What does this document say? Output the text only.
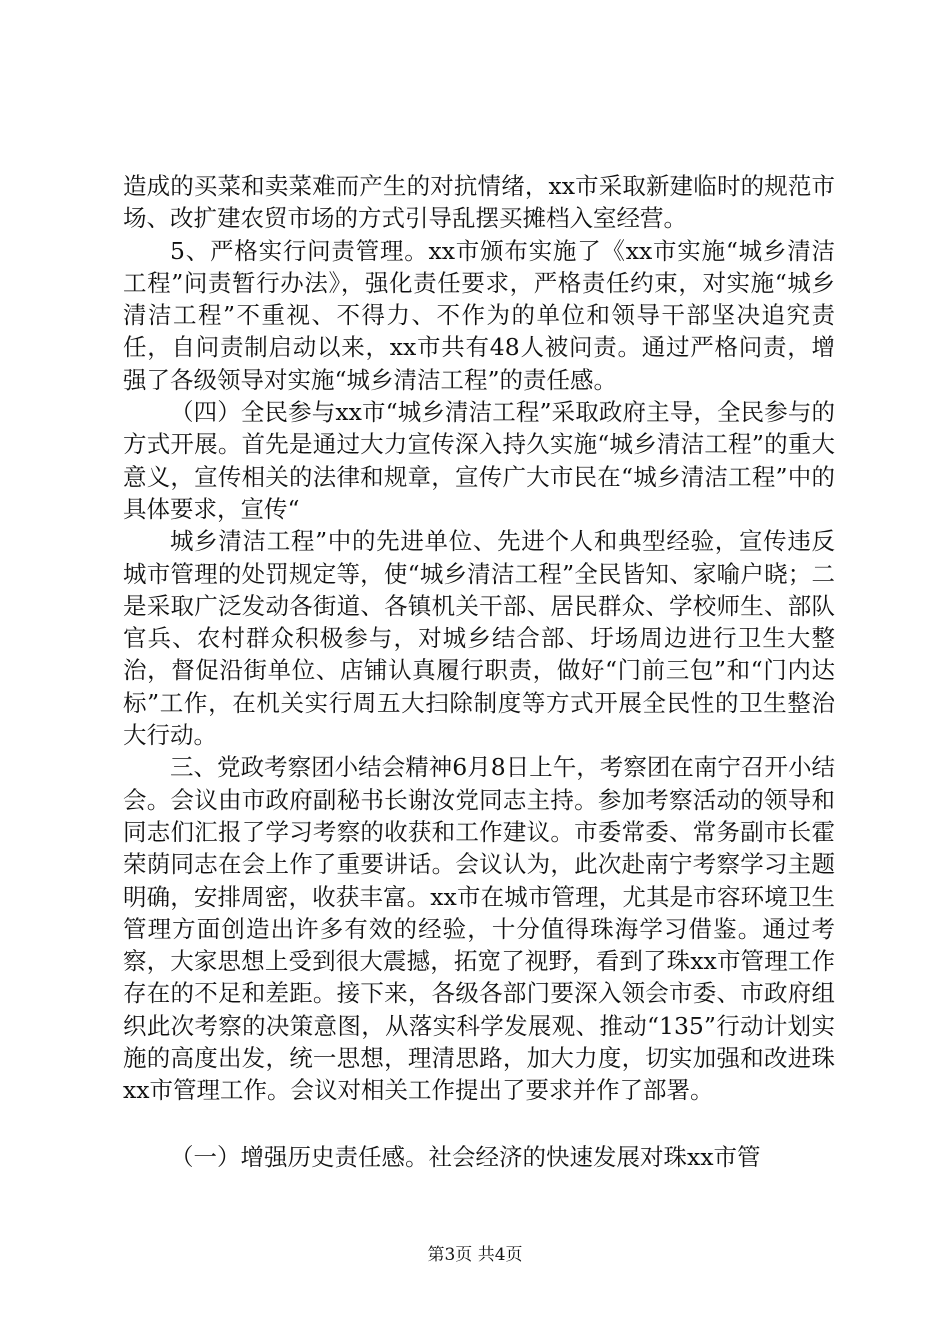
造成的买菜和卖菜难而产生的对抗情绪，xx市采取新建临时的规范市场、改扩建农贸市场的方式引导乱摆买摊档入室经营。

5、严格实行问责管理。xx市颁布实施了《xx市实施“城乡清洁工程”问责暂行办法》，强化责任要求，严格责任约束，对实施“城乡清洁工程”不重视、不得力、不作为的单位和领导干部坚决追究责任，自问责制启动以来，xx市共有48人被问责。通过严格问责，增强了各级领导对实施“城乡清洁工程”的责任感。

（四）全民参与xx市“城乡清洁工程”采取政府主导，全民参与的方式开展。首先是通过大力宣传深入持久实施“城乡清洁工程”的重大意义，宣传相关的法律和规章，宣传广大市民在“城乡清洁工程”中的具体要求，宣传“

城乡清洁工程”中的先进单位、先进个人和典型经验，宣传违反城市管理的处罚规定等，使“城乡清洁工程”全民皆知、家喻户晓；二是采取广泛发动各街道、各镇机关干部、居民群众、学校师生、部队官兵、农村群众积极参与，对城乡结合部、圩场周边进行卫生大整治，督促沿街单位、店铺认真履行职责，做好“门前三包”和“门内达标”工作，在机关实行周五大扫除制度等方式开展全民性的卫生整治大行动。

三、党政考察团小结会精神6月8日上午，考察团在南宁召开小结会。会议由市政府副秘书长谢汝党同志主持。参加考察活动的领导和同志们汇报了学习考察的收获和工作建议。市委常委、常务副市长霍荣荫同志在会上作了重要讲话。会议认为，此次赴南宁考察学习主题明确，安排周密，收获丰富。xx市在城市管理，尤其是市容环境卫生管理方面创造出许多有效的经验，十分值得珠海学习借鉴。通过考察，大家思想上受到很大震撼，拓宽了视野，看到了珠xx市管理工作存在的不足和差距。接下来，各级各部门要深入领会市委、市政府组织此次考察的决策意图，从落实科学发展观、推动“135”行动计划实施的高度出发，统一思想，理清思路，加大力度，切实加强和改进珠xx市管理工作。会议对相关工作提出了要求并作了部署。

（一）增强历史责任感。社会经济的快速发展对珠xx市管

第3页 共4页
